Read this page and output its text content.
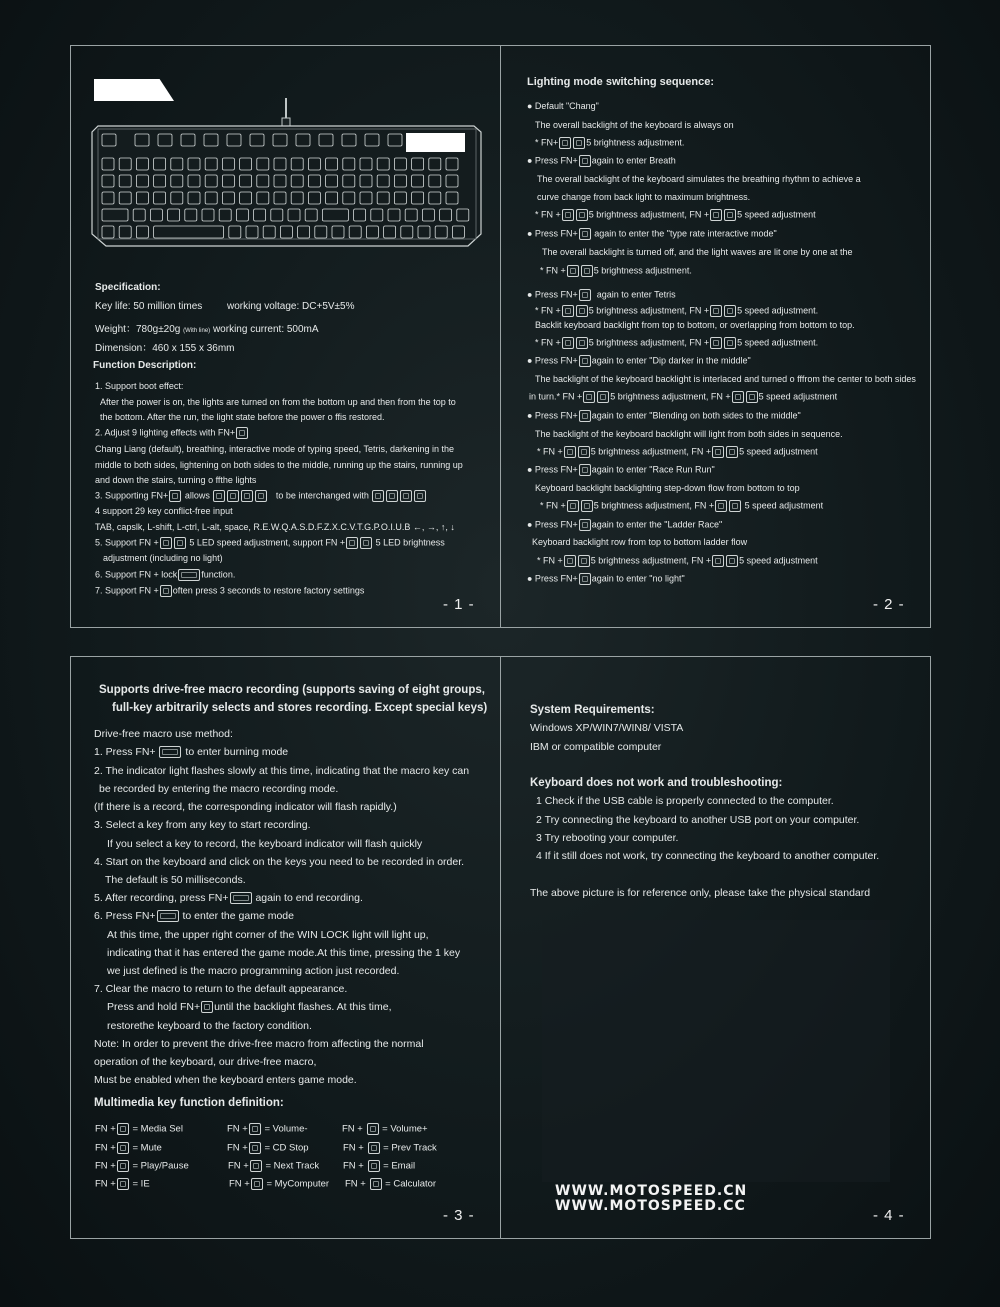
Specification:
Key life: 50 million times working voltage: DC+5V±5%
Weight：780g±20g (With line) working current: 500mA
Dimension：460 x 155 x 36mm
Function Description:
1. Support boot effect:
After the power is on, the lights are turned on from the bottom up and then from the top to
the bottom. After the run, the light state before the power o ffis restored.
2. Adjust 9 lighting effects with FN+
Chang Liang (default), breathing, interactive mode of typing speed, Tetris, darkening in the
middle to both sides, lightening on both sides to the middle, running up the stairs, running up
and down the stairs, turning o ffthe lights
3. Supporting FN+ allows	to be interchanged with
4 support 29 key conflict-free input
TAB, capslk, L-shift, L-ctrl, L-alt, space, R.E.W.Q.A.S.D.F.Z.X.C.V.T.G.P.O.I.U.B ←, →, ↑, ↓
5. Support FN +	5 LED speed adjustment, support FN +	5 LED brightness
adjustment (including no light)
6. Support FN + lock	function.
7. Support FN + often press 3 seconds to restore factory settings
- 1 -
Lighting mode switching sequence:
● Default "Chang"
The overall backlight of the keyboard is always on
* FN+	5 brightness adjustment.
● Press FN+ again to enter Breath
The overall backlight of the keyboard simulates the breathing rhythm to achieve a
curve change from back light to maximum brightness.
* FN +	5 brightness adjustment, FN +	5 speed adjustment
● Press FN+ again to enter the "type rate interactive mode"
The overall backlight is turned off, and the light waves are lit one by one at the
* FN +	5 brightness adjustment.
● Press FN+ again to enter Tetris
* FN +	5 brightness adjustment, FN +	5 speed adjustment.
Backlit keyboard backlight from top to bottom, or overlapping from bottom to top.
* FN +	5 brightness adjustment, FN +	5 speed adjustment.
● Press FN+ again to enter "Dip darker in the middle"
The backlight of the keyboard backlight is interlaced and turned o fffrom the center to both sides
in turn.* FN +	5 brightness adjustment, FN +	5 speed adjustment
● Press FN+ again to enter "Blending on both sides to the middle"
The backlight of the keyboard backlight will light from both sides in sequence.
* FN +	5 brightness adjustment, FN +	5 speed adjustment
● Press FN+ again to enter "Race Run Run"
Keyboard backlight backlighting step-down flow from bottom to top
* FN +	5 brightness adjustment, FN +	5 speed adjustment
● Press FN+ again to enter the "Ladder Race"
Keyboard backlight row from top to bottom ladder flow
* FN +	5 brightness adjustment, FN +	5 speed adjustment
● Press FN+ again to enter "no light"
- 2 -
Supports drive-free macro recording (supports saving of eight groups,
full-key arbitrarily selects and stores recording. Except special keys)
Drive-free macro use method:
1. Press FN+	to enter burning mode
2. The indicator light flashes slowly at this time, indicating that the macro key can
be recorded by entering the macro recording mode.
(If there is a record, the corresponding indicator will flash rapidly.)
3. Select a key from any key to start recording.
If you select a key to record, the keyboard indicator will flash quickly
4. Start on the keyboard and click on the keys you need to be recorded in order.
The default is 50 milliseconds.
5. After recording, press FN+	again to end recording.
6. Press FN+	to enter the game mode
At this time, the upper right corner of the WIN LOCK light will light up,
indicating that it has entered the game mode.At this time, pressing the 1 key
we just defined is the macro programming action just recorded.
7. Clear the macro to return to the default appearance.
Press and hold FN+ until the backlight flashes. At this time,
restorethe keyboard to the factory condition.
Note: In order to prevent the drive-free macro from affecting the normal
operation of the keyboard, our drive-free macro,
Must be enabled when the keyboard enters game mode.
Multimedia key function definition:
FN + = Media Sel	FN + = Volume-	FN + = Volume+
FN + = Mute	FN + = CD Stop	FN + = Prev Track
FN + = Play/Pause	FN + = Next Track	FN + = Email
FN + = IE	FN + = MyComputer FN + = Calculator
- 3 -
System Requirements:
Windows XP/WIN7/WIN8/ VISTA
IBM or compatible computer
Keyboard does not work and troubleshooting:
1 Check if the USB cable is properly connected to the computer.
2 Try connecting the keyboard to another USB port on your computer.
3 Try rebooting your computer.
4 If it still does not work, try connecting the keyboard to another computer.
The above picture is for reference only, please take the physical standard
WWW.MOTOSPEED.CN
WWW.MOTOSPEED.CC
- 4 -
